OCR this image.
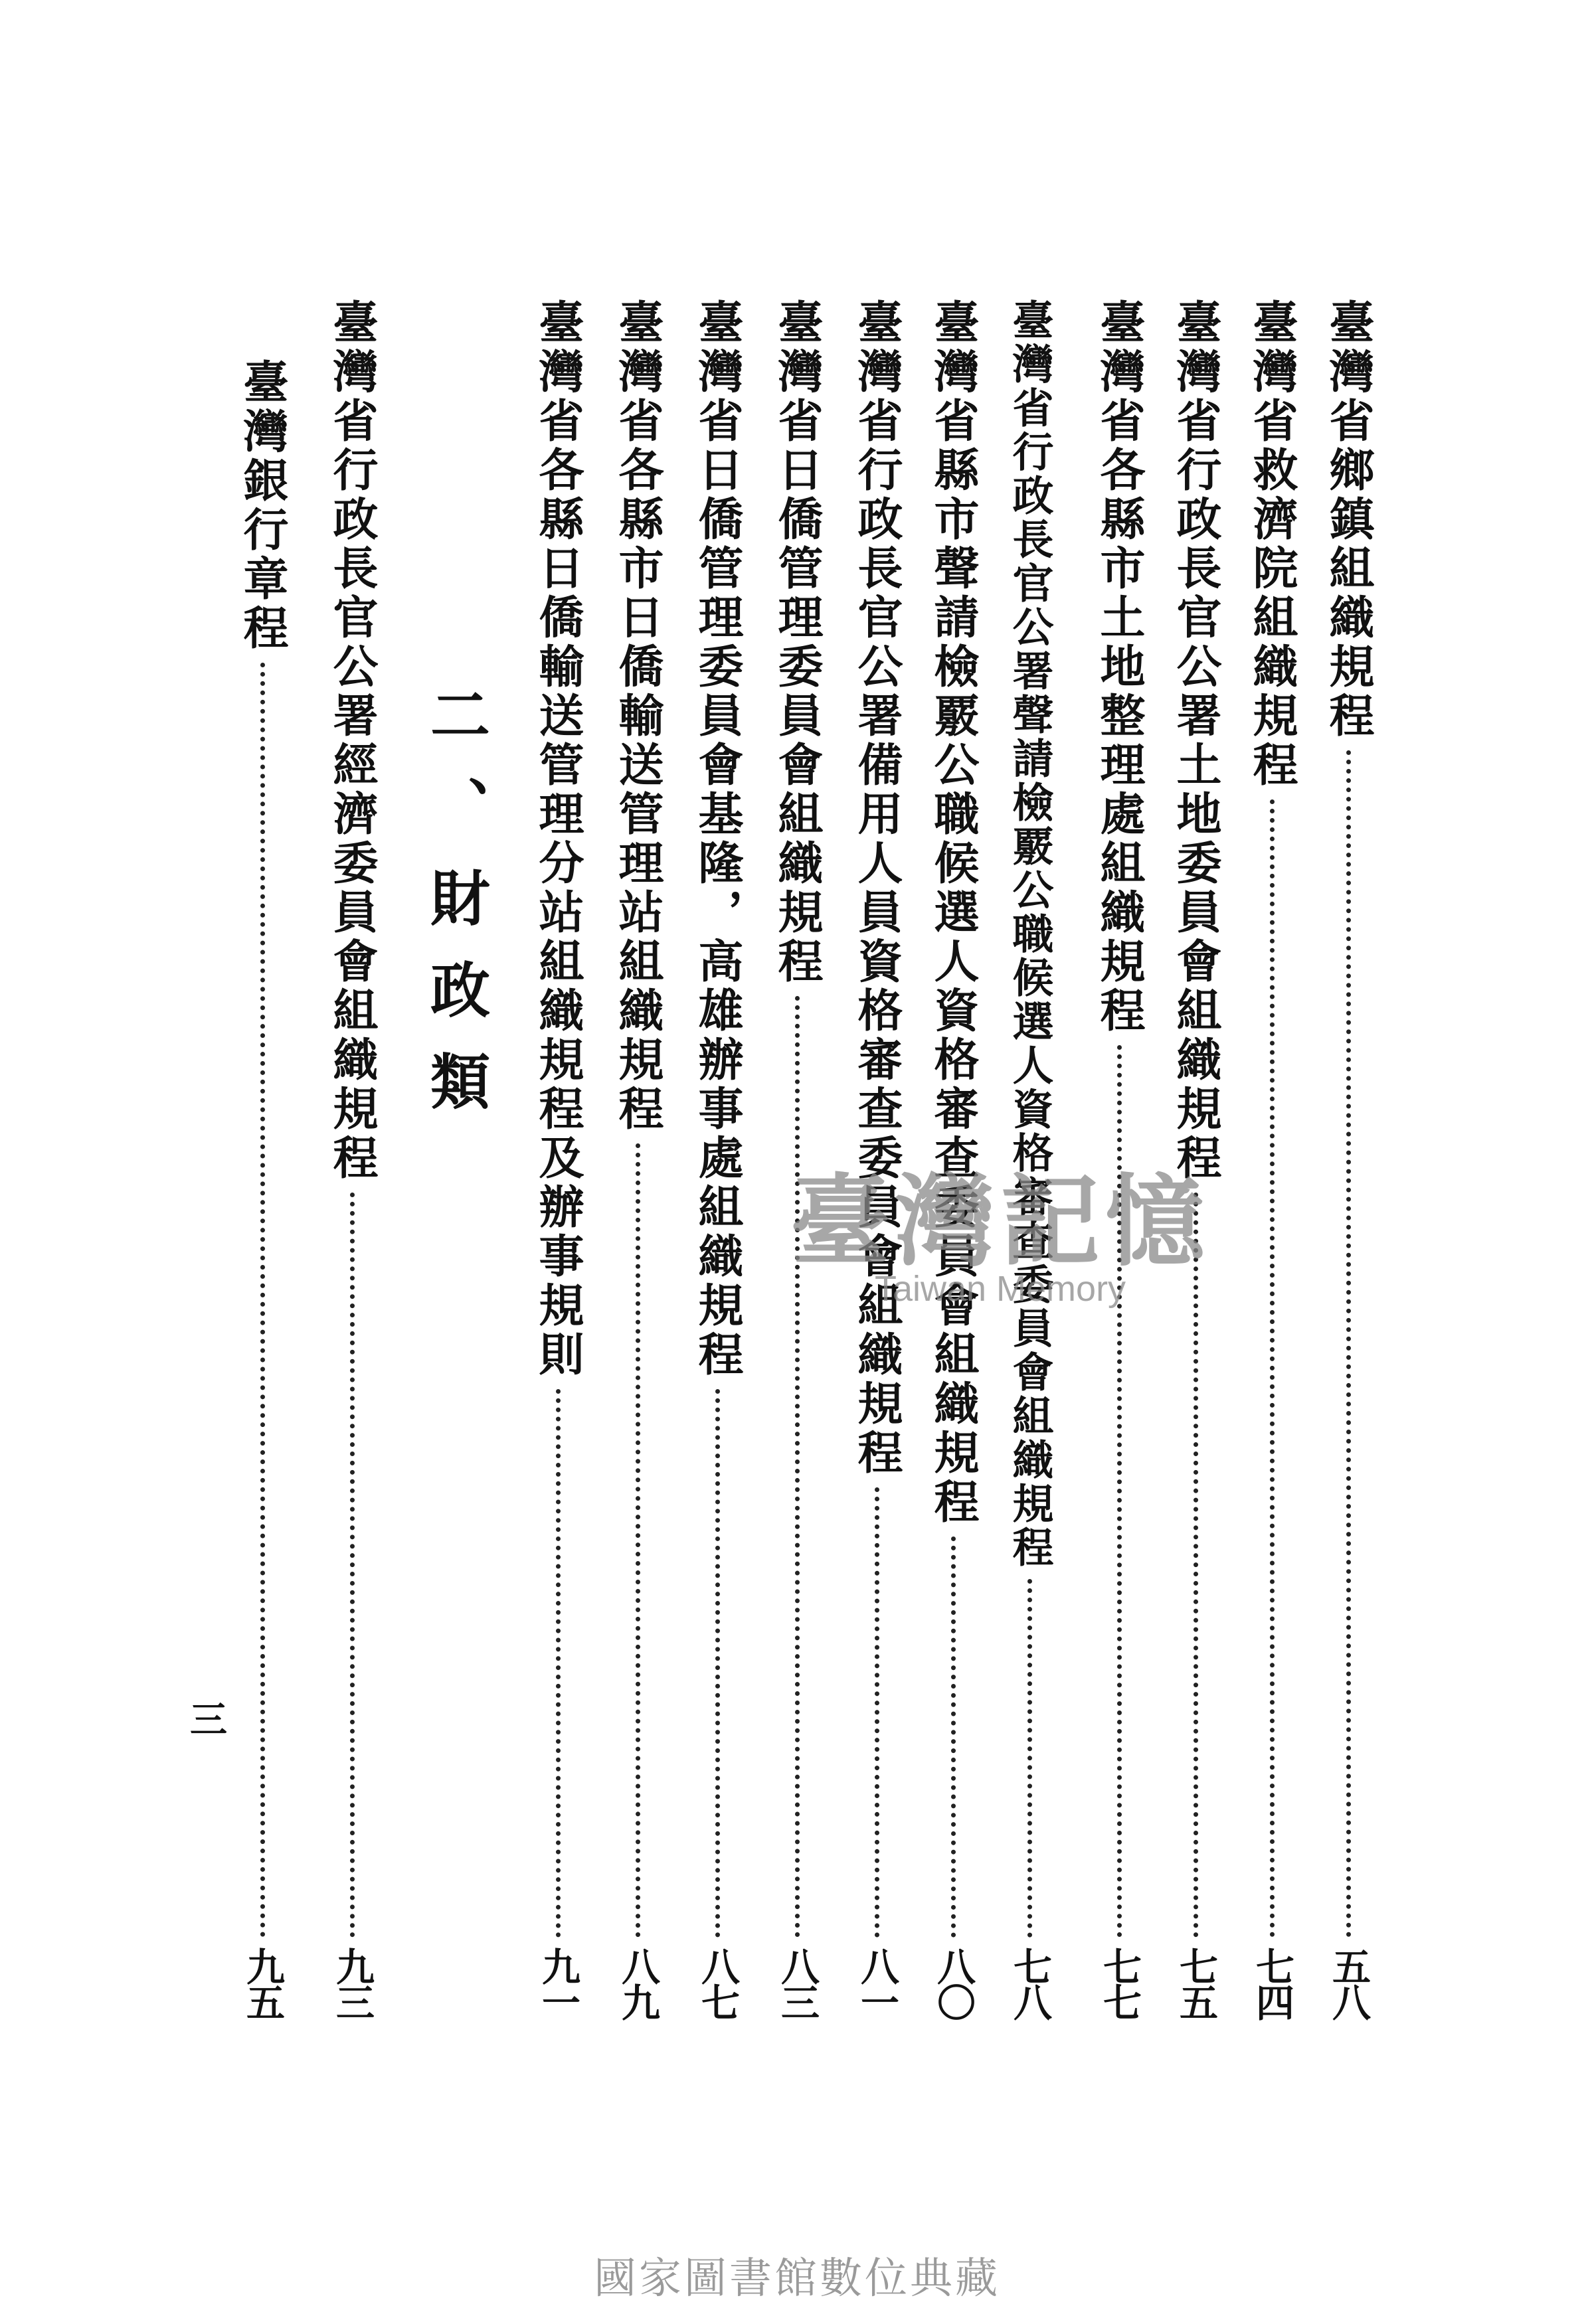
臺灣省鄉鎮組織規程
五八
臺灣省救濟院組織規程
七四
臺灣省行政長官公署土地委員會組織規程
七五
臺灣省各縣市土地整理處組織規程
七七
臺灣省行政長官公署聲請檢覈公職候選人資格審查委員會組織規程
七八
臺灣省縣市聲請檢覈公職候選人資格審查委員會組織規程
八〇
臺灣省行政長官公署備用人員資格審查委員會組織規程
八一
臺灣省日僑管理委員會組織規程
八三
臺灣省日僑管理委員會基隆，高雄辦事處組織規程
八七
臺灣省各縣市日僑輸送管理站組織規程
八九
臺灣省各縣日僑輸送管理分站組織規程及辦事規則
九一
二、財政類
臺灣省行政長官公署經濟委員會組織規程
九三
臺灣銀行章程
九五
三
臺灣記憶
Taiwan Memory
國家圖書館數位典藏
